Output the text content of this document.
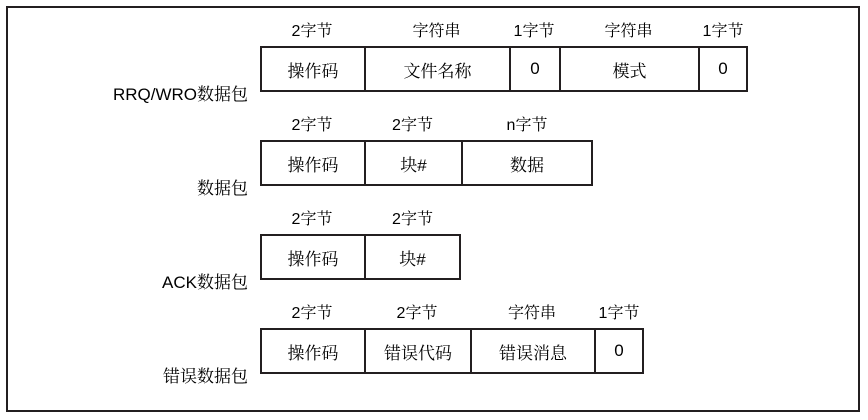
RRQ/WRO数据包
2字节
操作码
字符串
文件名称
1字节
0
字符串
模式
1字节
0
数据包
2字节
操作码
2字节
块#
n字节
数据
ACK数据包
2字节
操作码
2字节
块#
错误数据包
2字节
操作码
2字节
错误代码
字符串
错误消息
1字节
0
